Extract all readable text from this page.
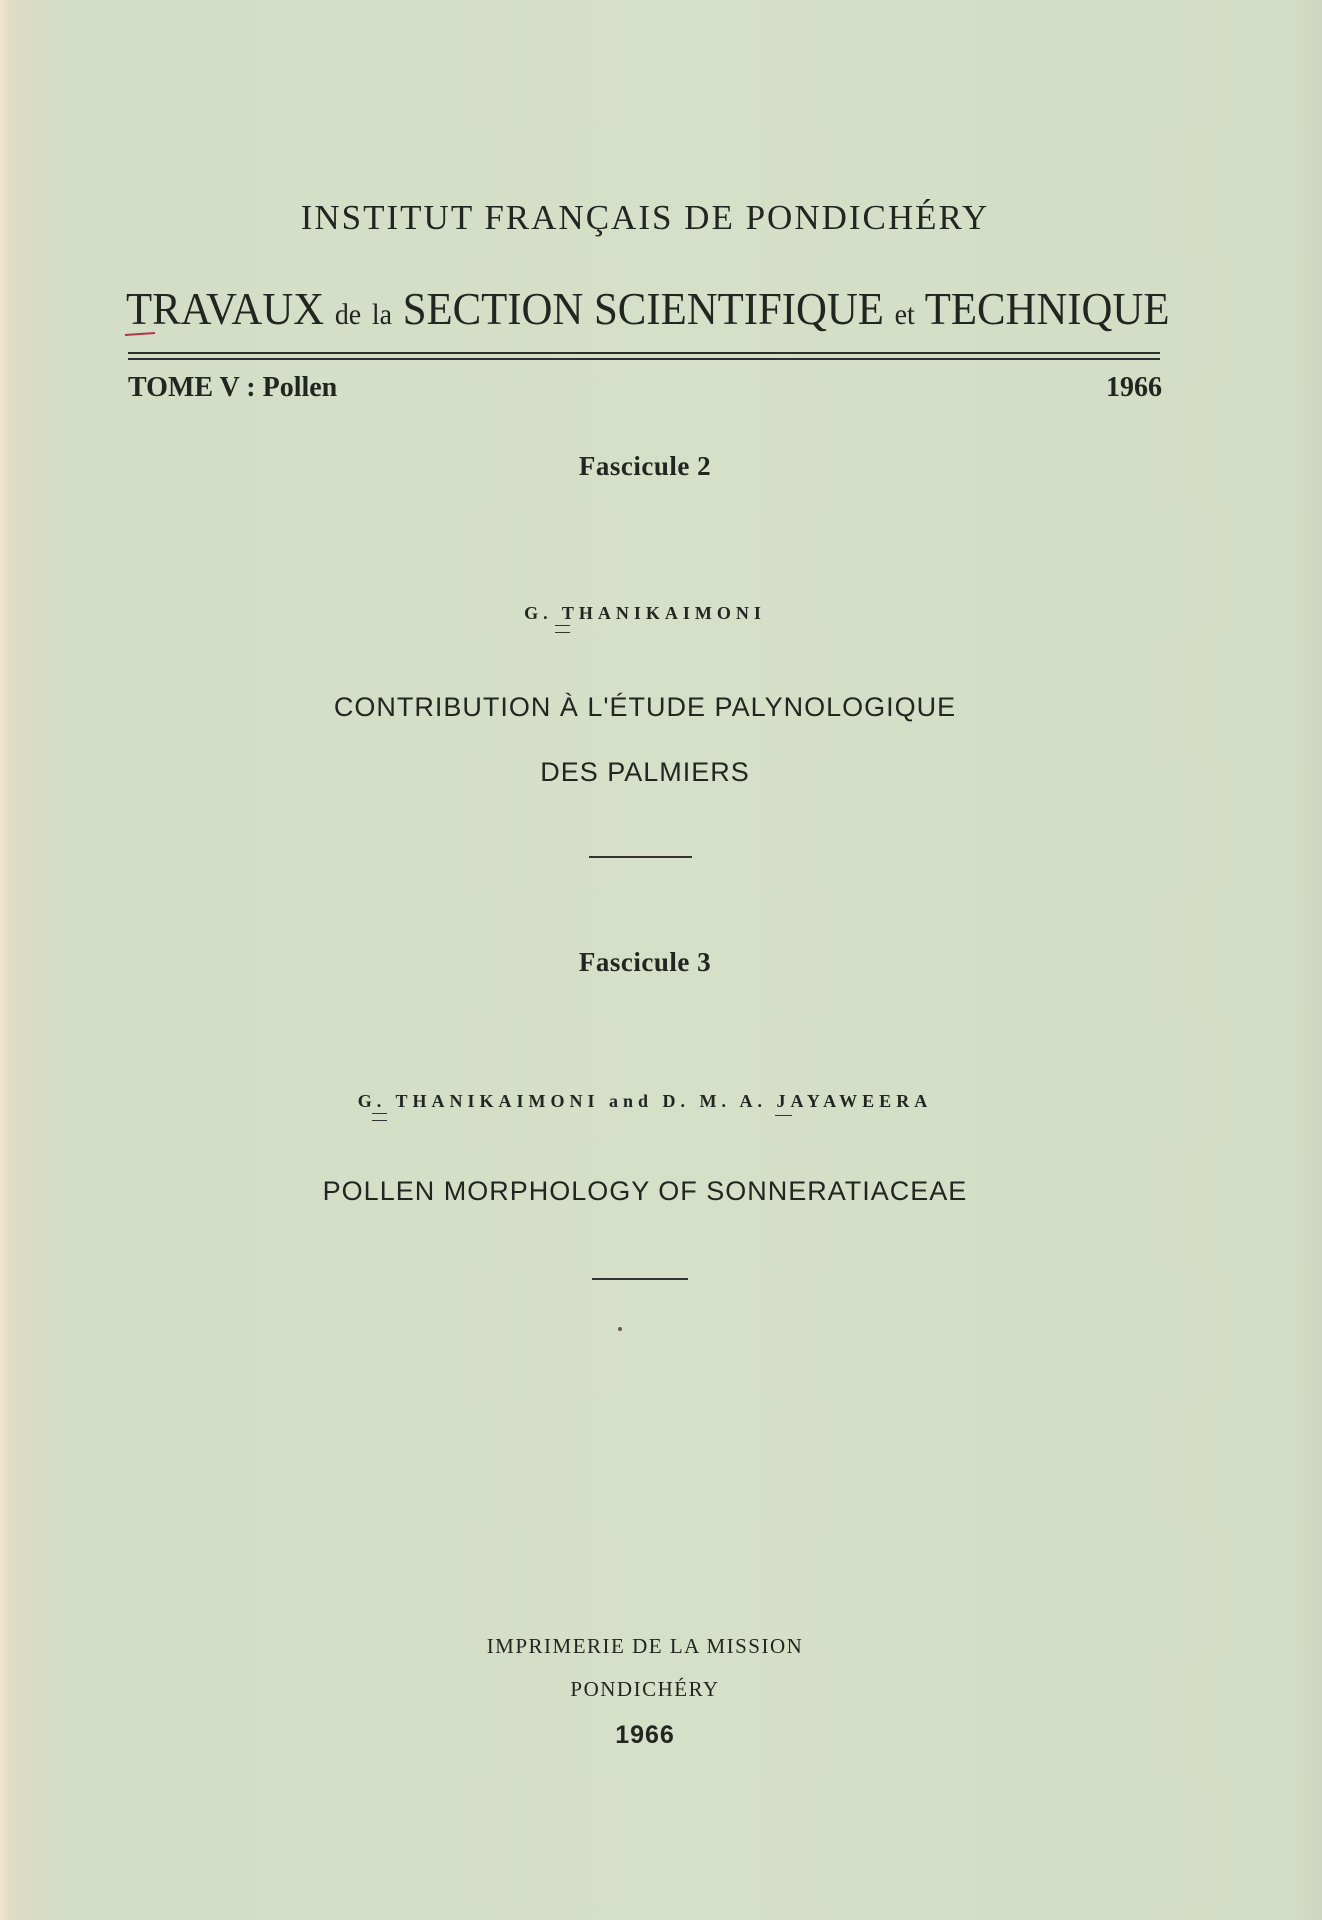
INSTITUT FRANÇAIS DE PONDICHÉRY
TRAVAUX de la SECTION SCIENTIFIQUE et TECHNIQUE
TOME V : Pollen	1966
Fascicule 2
G. THANIKAIMONI
CONTRIBUTION À L'ÉTUDE PALYNOLOGIQUE
DES PALMIERS
Fascicule 3
G. THANIKAIMONI and D. M. A. JAYAWEERA
POLLEN MORPHOLOGY OF SONNERATIACEAE
IMPRIMERIE DE LA MISSION
PONDICHÉRY
1966
